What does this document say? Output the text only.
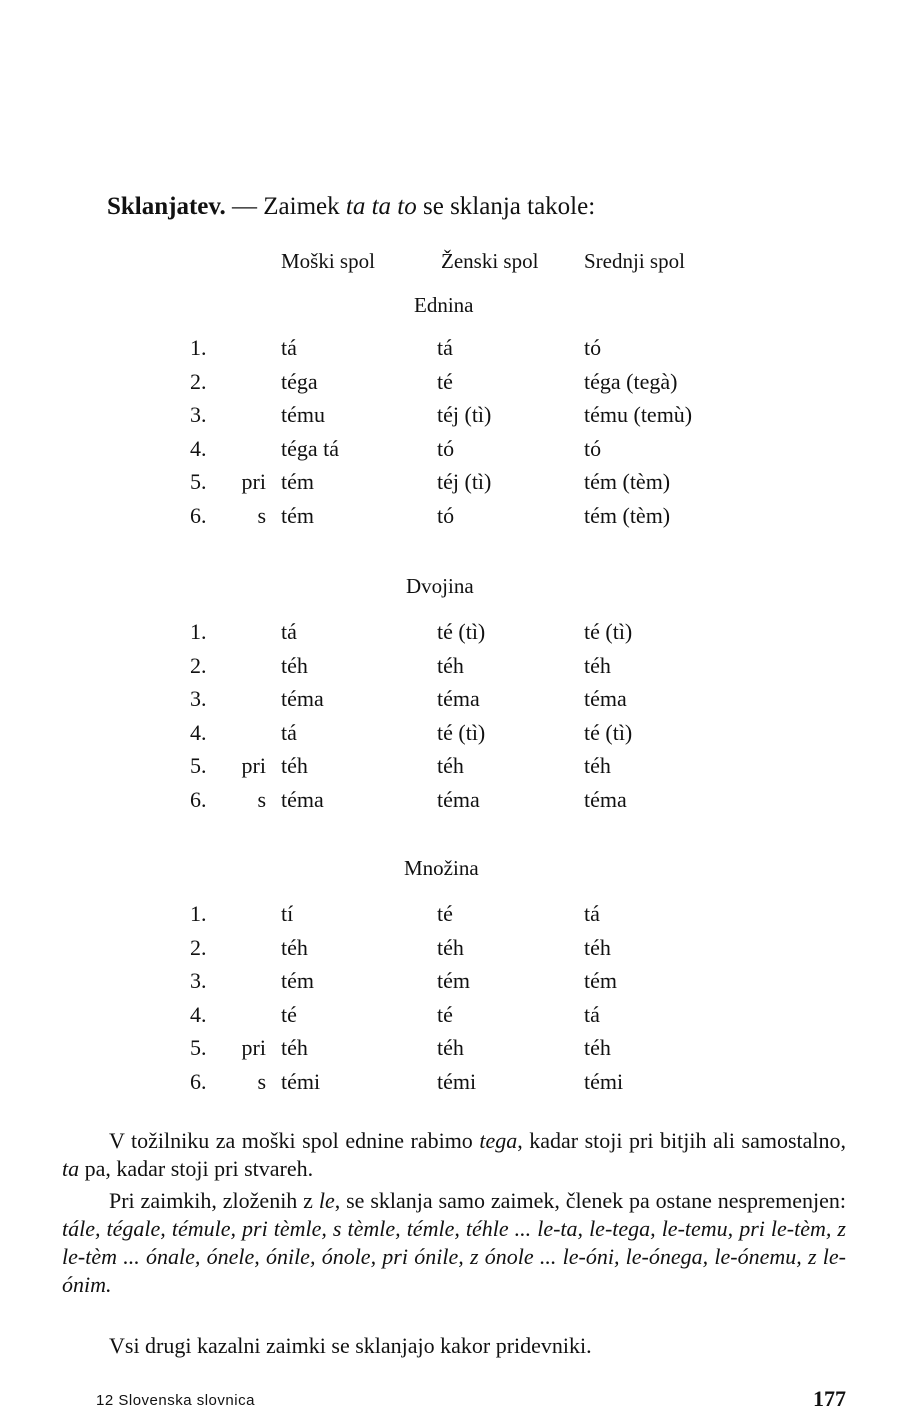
Sklanjatev. — Zaimek ta ta to se sklanja takole:
Moški spol	Ženski spol Srednji spol
Ednina
1.	tá	tá	tó
2.	téga	té	téga (tegà)
3.	tému	téj (tì)	tému (temù)
4.	téga tá	tó	tó
5. pri tém	téj (tì)	tém (tèm)
6. s tém	tó	tém (tèm)
Dvojina
1.	tá	té (tì)	té (tì)
2.	téh	téh	téh
3.	téma	téma	téma
4.	tá	té (tì)	té (tì)
5. pri téh	téh	téh
6. s téma	téma	téma
Množina
1.	tí	té	tá
2.	téh	téh	téh
3.	tém	tém	tém
4.	té	té	tá
5. pri téh	téh	téh
6. s témi	témi	témi

V tožilniku za moški spol ednine rabimo tega, kadar stoji pri bitjih ali samostalno, ta pa, kadar stoji pri stvareh.

Pri zaimkih, zloženih z le, se sklanja samo zaimek, členek pa ostane nespremenjen: tále, tégale, témule, pri tèmle, s tèmle, témle, téhle ... le-ta, le-tega, le-temu, pri le-tèm, z le-tèm ... ónale, ónele, ónile, ónole, pri ónile, z ónole ... le-óni, le-ónega, le-ónemu, z le-ónim.

Vsi drugi kazalni zaimki se sklanjajo kakor pridevniki.

12 Slovenska slovnica	177
